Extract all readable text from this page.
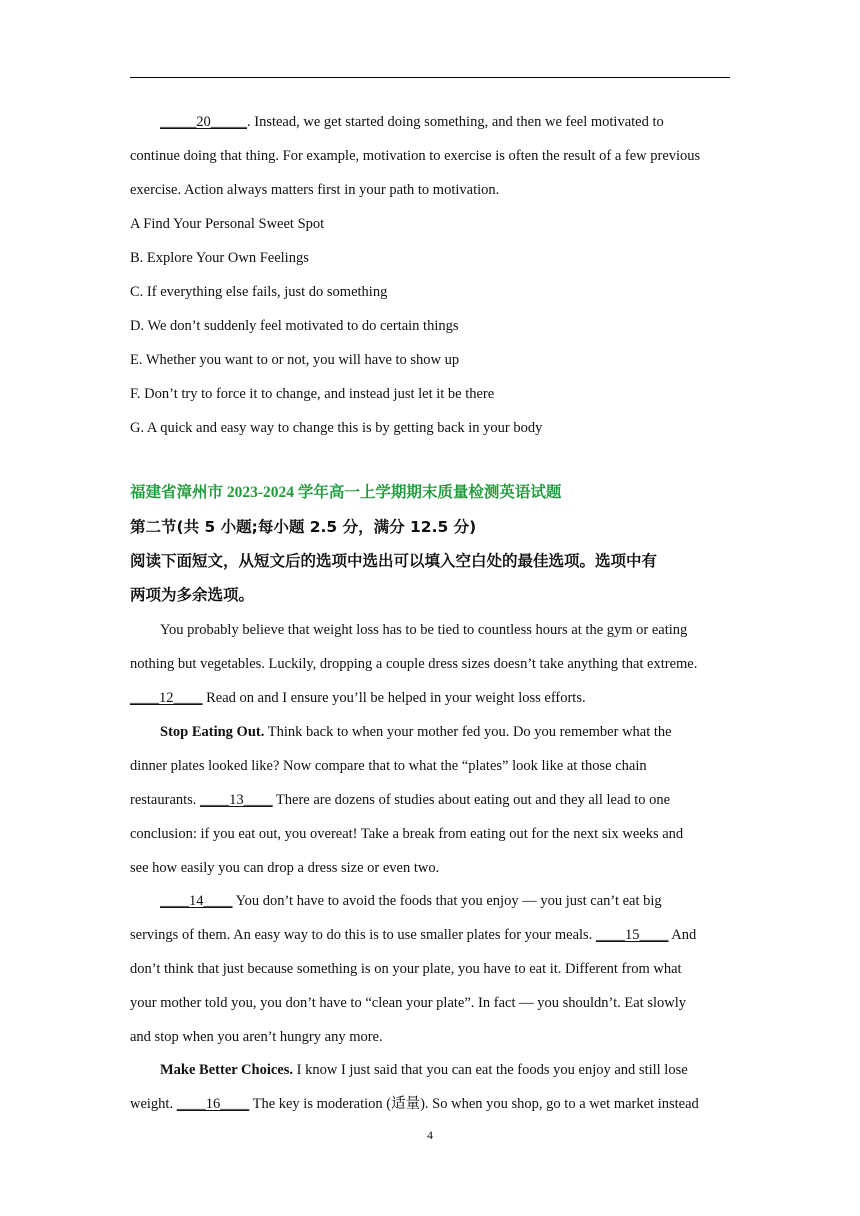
_____20_____. Instead, we get started doing something, and then we feel motivated to
continue doing that thing. For example, motivation to exercise is often the result of a few previous
exercise. Action always matters first in your path to motivation.
A Find Your Personal Sweet Spot
B. Explore Your Own Feelings
C. If everything else fails, just do something
D. We don’t suddenly feel motivated to do certain things
E. Whether you want to or not, you will have to show up
F. Don’t try to force it to change, and instead just let it be there
G. A quick and easy way to change this is by getting back in your body
福建省漳州市 2023-2024 学年高一上学期期末质量检测英语试题
第二节(共 5 小题;每小题 2.5 分，满分 12.5 分)
阅读下面短文，从短文后的选项中选出可以填入空白处的最佳选项。选项中有
两项为多余选项。
You probably believe that weight loss has to be tied to countless hours at the gym or eating
nothing but vegetables. Luckily, dropping a couple dress sizes doesn’t take anything that extreme.
____12____ Read on and I ensure you’ll be helped in your weight loss efforts.
Stop Eating Out. Think back to when your mother fed you. Do you remember what the
dinner plates looked like? Now compare that to what the “plates” look like at those chain
restaurants. ____13____ There are dozens of studies about eating out and they all lead to one
conclusion: if you eat out, you overeat! Take a break from eating out for the next six weeks and
see how easily you can drop a dress size or even two.
____14____ You don’t have to avoid the foods that you enjoy — you just can’t eat big
servings of them. An easy way to do this is to use smaller plates for your meals. ____15____ And
don’t think that just because something is on your plate, you have to eat it. Different from what
your mother told you, you don’t have to “clean your plate”. In fact — you shouldn’t. Eat slowly
and stop when you aren’t hungry any more.
Make Better Choices. I know I just said that you can eat the foods you enjoy and still lose
weight. ____16____ The key is moderation (适量). So when you shop, go to a wet market instead
4
